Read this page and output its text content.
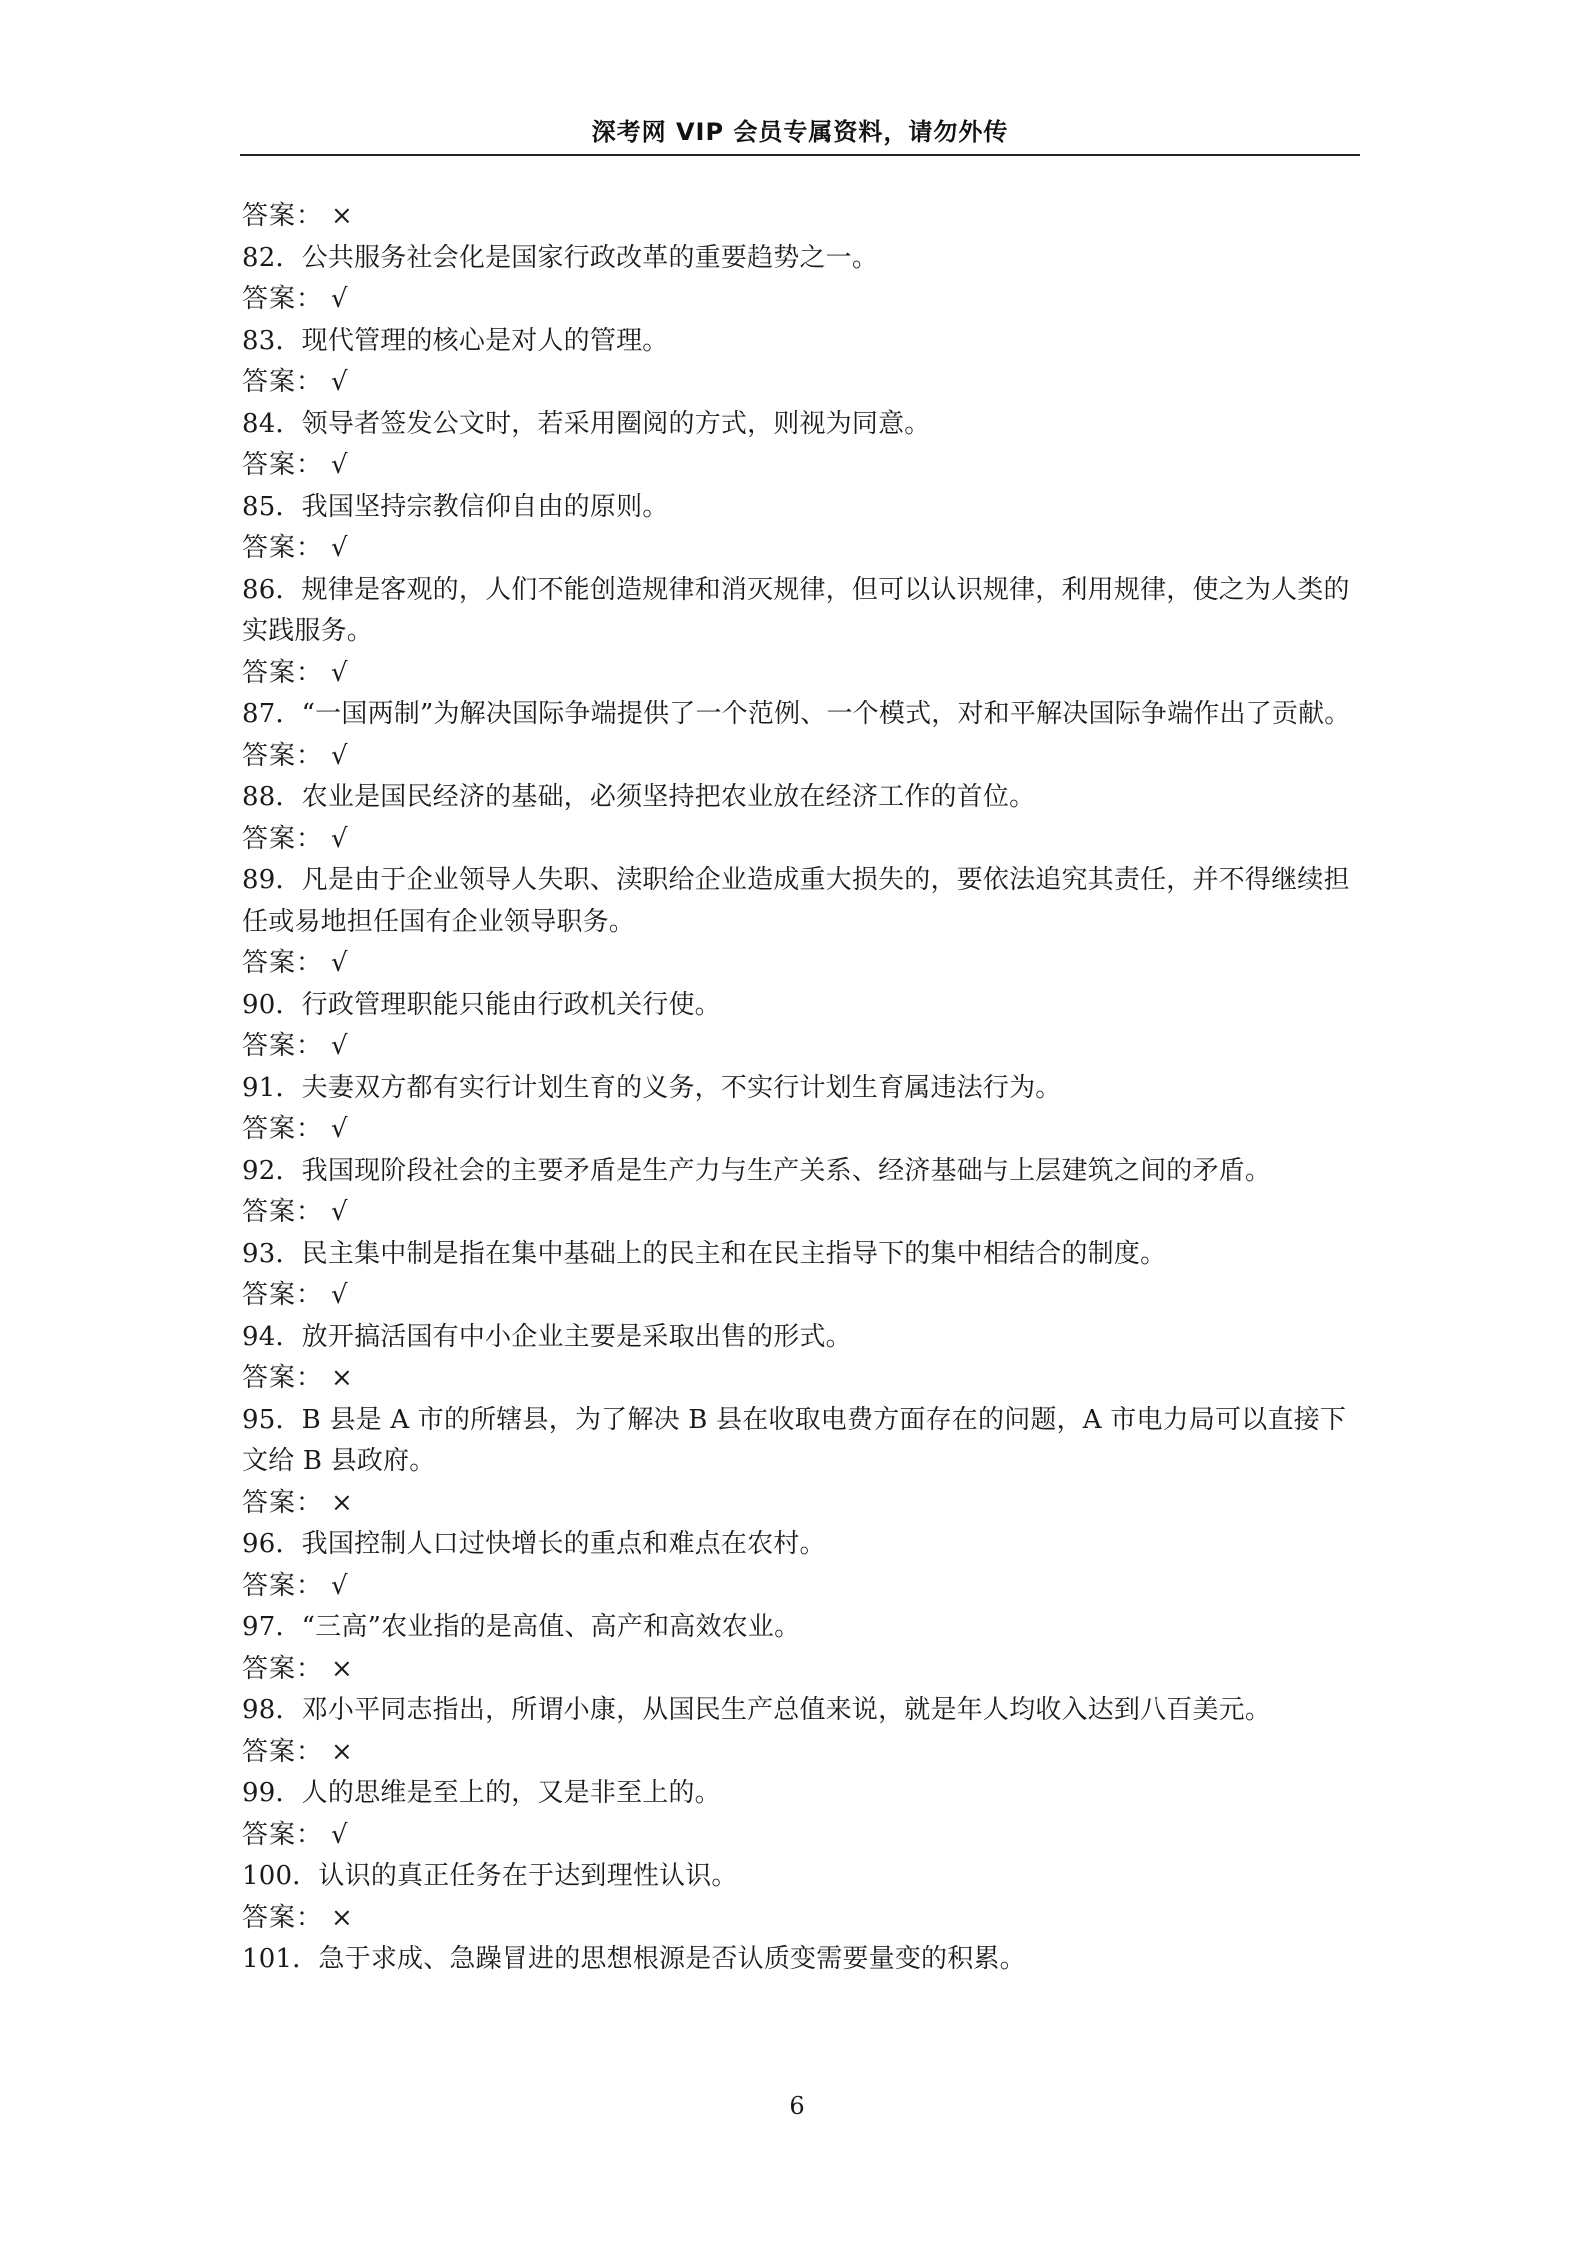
深考网 VIP 会员专属资料，请勿外传
答案： ×
82．公共服务社会化是国家行政改革的重要趋势之一。
答案： √
83．现代管理的核心是对人的管理。
答案： √
84．领导者签发公文时，若采用圈阅的方式，则视为同意。
答案： √
85．我国坚持宗教信仰自由的原则。
答案： √
86．规律是客观的，人们不能创造规律和消灭规律，但可以认识规律，利用规律，使之为人类的实践服务。
答案： √
87．“一国两制”为解决国际争端提供了一个范例、一个模式，对和平解决国际争端作出了贡献。
答案： √
88．农业是国民经济的基础，必须坚持把农业放在经济工作的首位。
答案： √
89．凡是由于企业领导人失职、渎职给企业造成重大损失的，要依法追究其责任，并不得继续担任或易地担任国有企业领导职务。
答案： √
90．行政管理职能只能由行政机关行使。
答案： √
91．夫妻双方都有实行计划生育的义务，不实行计划生育属违法行为。
答案： √
92．我国现阶段社会的主要矛盾是生产力与生产关系、经济基础与上层建筑之间的矛盾。
答案： √
93．民主集中制是指在集中基础上的民主和在民主指导下的集中相结合的制度。
答案： √
94．放开搞活国有中小企业主要是采取出售的形式。
答案： ×
95．B 县是 A 市的所辖县，为了解决 B 县在收取电费方面存在的问题，A 市电力局可以直接下文给 B 县政府。
答案： ×
96．我国控制人口过快增长的重点和难点在农村。
答案： √
97．“三高”农业指的是高值、高产和高效农业。
答案： ×
98．邓小平同志指出，所谓小康，从国民生产总值来说，就是年人均收入达到八百美元。
答案： ×
99．人的思维是至上的，又是非至上的。
答案： √
100．认识的真正任务在于达到理性认识。
答案： ×
101．急于求成、急躁冒进的思想根源是否认质变需要量变的积累。
6
